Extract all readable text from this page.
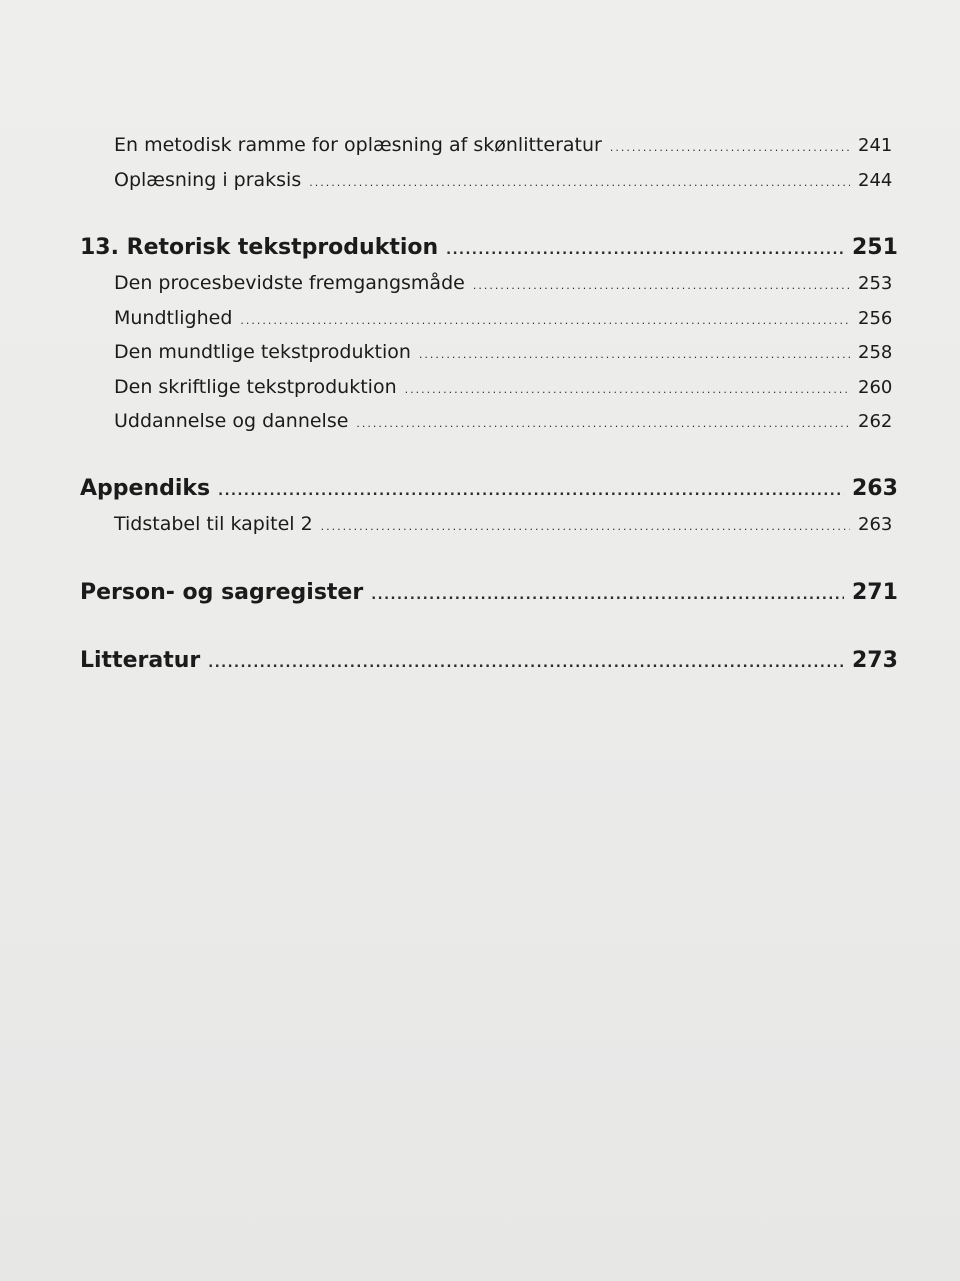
En metodisk ramme for oplæsning af skønlitteratur .....	241
Oplæsning i praksis .....	244
13. Retorisk tekstproduktion .....	251
Den procesbevidste fremgangsmåde .....	253
Mundtlighed .....	256
Den mundtlige tekstproduktion .....	258
Den skriftlige tekstproduktion .....	260
Uddannelse og dannelse .....	262
Appendiks .....	263
Tidstabel til kapitel 2 .....	263
Person- og sagregister .....	271
Litteratur .....	273
